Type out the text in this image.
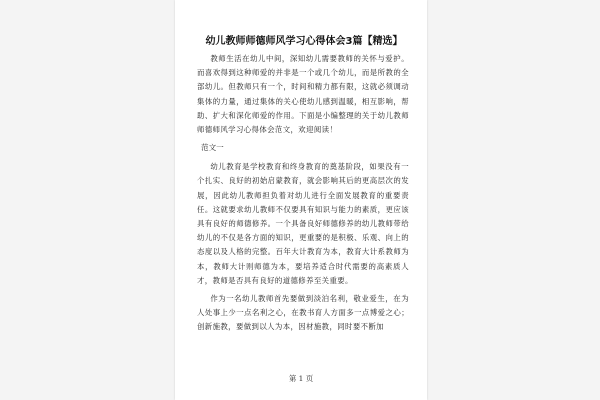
幼儿教师师德师风学习心得体会3篇【精选】

教师生活在幼儿中间，深知幼儿需要教师的关怀与爱护。而喜欢得到这种师爱的并非是一个或几个幼儿，而是所教的全部幼儿。但教师只有一个，时间和精力都有限，这就必须调动集体的力量，通过集体的关心使幼儿感到温暖，相互影响，帮助、扩大和深化师爱的作用。下面是小编整理的关于幼儿教师师德师风学习心得体会范文，欢迎阅读！

范文一

幼儿教育是学校教育和终身教育的奠基阶段，如果没有一个扎实、良好的初始启蒙教育，就会影响其后的更高层次的发展，因此幼儿教师担负着对幼儿进行全面发展教育的重要责任。这就要求幼儿教师不仅要具有知识与能力的素质，更应该具有良好的师德修养。一个具备良好师德修养的幼儿教师带给幼儿的不仅是各方面的知识，更重要的是积极、乐观、向上的态度以及人格的完整。百年大计教育为本，教育大计系教师为本，教师大计则师德为本，要培养适合时代需要的高素质人才，教师是否具有良好的道德修养至关重要。

作为一名幼儿教师首先要做到淡泊名利，敬业爱生，在为人处事上少一点名利之心，在教书育人方面多一点博爱之心；创新施教，要做到以人为本，因材施教，同时要不断加

第 1 页
